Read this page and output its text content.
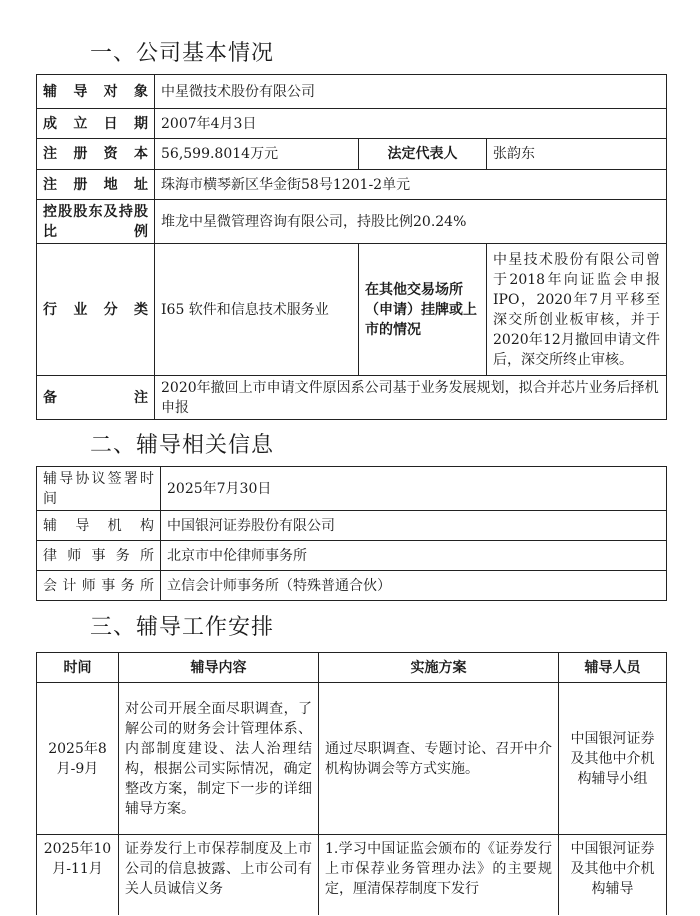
一、公司基本情况
辅导对象	中星微技术股份有限公司		
成立日期	2007年4月3日		
注册资本	56,599.8014万元	法定代表人	张韵东
注册地址	珠海市横琴新区华金街58号1201-2单元		
控股股东及持股比例	堆龙中星微管理咨询有限公司，持股比例20.24%		
行业分类	I65 软件和信息技术服务业	在其他交易场所（申请）挂牌或上市的情况	中星技术股份有限公司曾于2018年向证监会申报IPO，2020年7月平移至深交所创业板审核，并于2020年12月撤回申请文件后，深交所终止审核。
备注	2020年撤回上市申请文件原因系公司基于业务发展规划，拟合并芯片业务后择机申报		
二、辅导相关信息
辅导协议签署时间	2025年7月30日
辅导机构	中国银河证券股份有限公司
律师事务所	北京市中伦律师事务所
会计师事务所	立信会计师事务所（特殊普通合伙）
三、辅导工作安排
时间	辅导内容	实施方案	辅导人员
2025年8月-9月	对公司开展全面尽职调查，了解公司的财务会计管理体系、内部制度建设、法人治理结构，根据公司实际情况，确定整改方案，制定下一步的详细辅导方案。	通过尽职调查、专题讨论、召开中介机构协调会等方式实施。	中国银河证券及其他中介机构辅导小组
2025年10月-11月	证券发行上市保荐制度及上市公司的信息披露、上市公司有关人员诚信义务	1.学习中国证监会颁布的《证券发行上市保荐业务管理办法》的主要规定，厘清保荐制度下发行	中国银河证券及其他中介机构辅导
